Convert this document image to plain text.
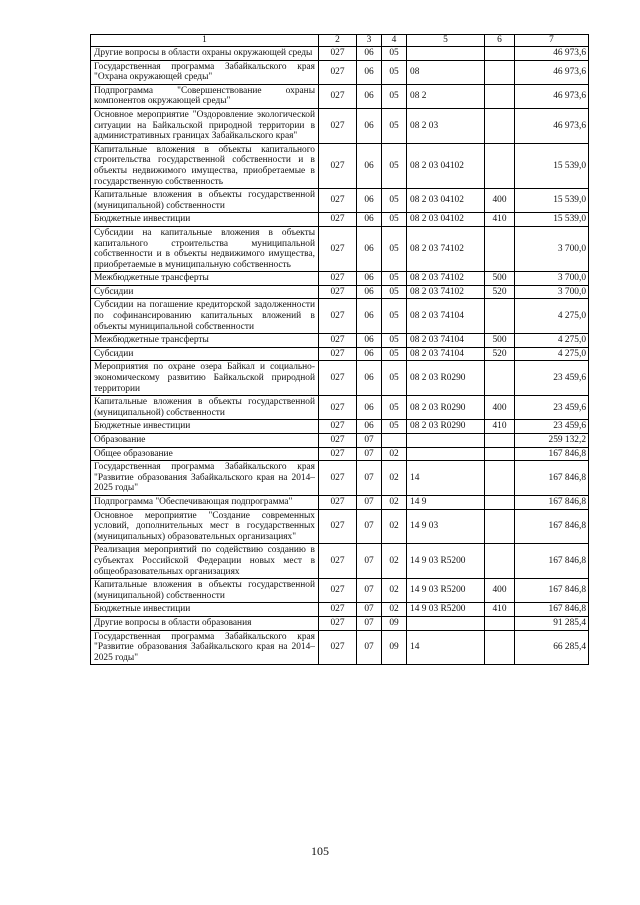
1	2	3	4	5	6	7
Другие вопросы в области охраны окружающей среды	027	06	05			46 973,6
Государственная программа Забайкальского края "Охрана окружающей среды"	027	06	05	08		46 973,6
Подпрограмма "Совершенствование охраны компонентов окружающей среды"	027	06	05	08 2		46 973,6
Основное мероприятие "Оздоровление экологической ситуации на Байкальской природной территории в административных границах Забайкальского края"	027	06	05	08 2 03		46 973,6
Капитальные вложения в объекты капитального строительства государственной собственности и в объекты недвижимого имущества, приобретаемые в государственную собственность	027	06	05	08 2 03 04102		15 539,0
Капитальные вложения в объекты государственной (муниципальной) собственности	027	06	05	08 2 03 04102	400	15 539,0
Бюджетные инвестиции	027	06	05	08 2 03 04102	410	15 539,0
Субсидии на капитальные вложения в объекты капитального строительства муниципальной собственности и в объекты недвижимого имущества, приобретаемые в муниципальную собственность	027	06	05	08 2 03 74102		3 700,0
Межбюджетные трансферты	027	06	05	08 2 03 74102	500	3 700,0
Субсидии	027	06	05	08 2 03 74102	520	3 700,0
Субсидии на погашение кредиторской задолженности по софинансированию капитальных вложений в объекты муниципальной собственности	027	06	05	08 2 03 74104		4 275,0
Межбюджетные трансферты	027	06	05	08 2 03 74104	500	4 275,0
Субсидии	027	06	05	08 2 03 74104	520	4 275,0
Мероприятия по охране озера Байкал и социально-экономическому развитию Байкальской природной территории	027	06	05	08 2 03 R0290		23 459,6
Капитальные вложения в объекты государственной (муниципальной) собственности	027	06	05	08 2 03 R0290	400	23 459,6
Бюджетные инвестиции	027	06	05	08 2 03 R0290	410	23 459,6
Образование	027	07				259 132,2
Общее образование	027	07	02			167 846,8
Государственная программа Забайкальского края "Развитие образования Забайкальского края на 2014–2025 годы"	027	07	02	14		167 846,8
Подпрограмма "Обеспечивающая подпрограмма"	027	07	02	14 9		167 846,8
Основное мероприятие "Создание современных условий, дополнительных мест в государственных (муниципальных) образовательных организациях"	027	07	02	14 9 03		167 846,8
Реализация мероприятий по содействию созданию в субъектах Российской Федерации новых мест в общеобразовательных организациях	027	07	02	14 9 03 R5200		167 846,8
Капитальные вложения в объекты государственной (муниципальной) собственности	027	07	02	14 9 03 R5200	400	167 846,8
Бюджетные инвестиции	027	07	02	14 9 03 R5200	410	167 846,8
Другие вопросы в области образования	027	07	09			91 285,4
Государственная программа Забайкальского края "Развитие образования Забайкальского края на 2014–2025 годы"	027	07	09	14		66 285,4
105
